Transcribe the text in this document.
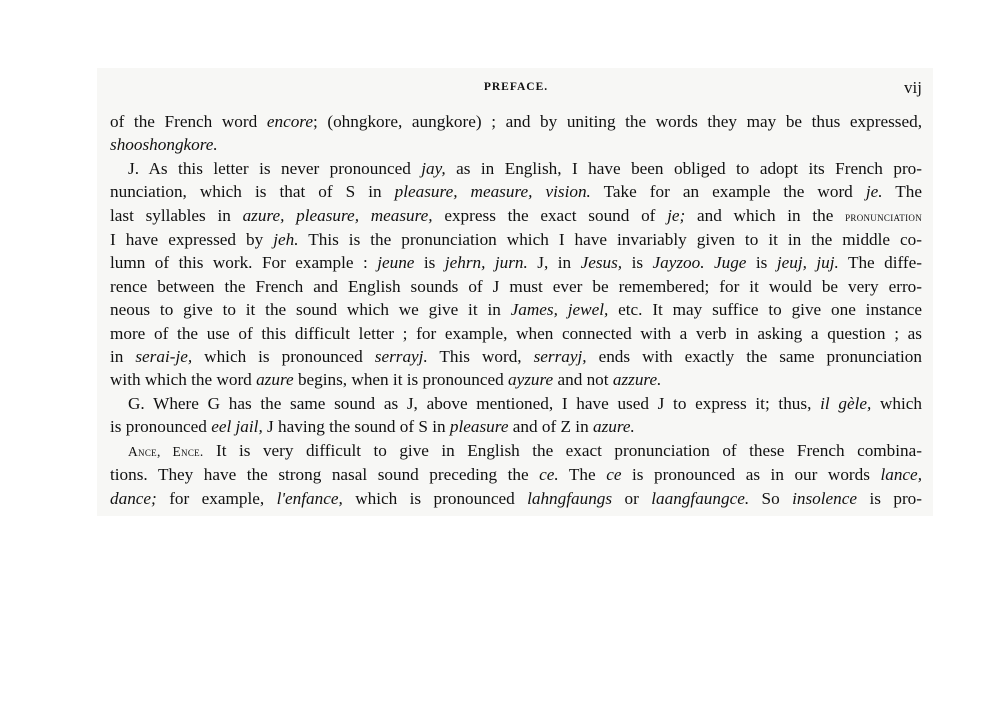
PREFACE.	vij
of the French word encore; (ohngkore, aungkore) ; and by uniting the words they may be thus expressed,
shooshongkore.
J. As this letter is never pronounced jay, as in English, I have been obliged to adopt its French pro-
nunciation, which is that of S in pleasure, measure, vision. Take for an example the word je. The
last syllables in azure, pleasure, measure, express the exact sound of je; and which in the pronunciation
I have expressed by jeh. This is the pronunciation which I have invariably given to it in the middle co-
lumn of this work. For example : jeune is jehrn, jurn. J, in Jesus, is Jayzoo. Juge is jeuj, juj. The diffe-
rence between the French and English sounds of J must ever be remembered; for it would be very erro-
neous to give to it the sound which we give it in James, jewel, etc. It may suffice to give one instance
more of the use of this difficult letter ; for example, when connected with a verb in asking a question ; as
in serai-je, which is pronounced serrayj. This word, serrayj, ends with exactly the same pronunciation
with which the word azure begins, when it is pronounced ayzure and not azzure.
G. Where G has the same sound as J, above mentioned, I have used J to express it; thus, il gèle, which
is pronounced eel jail, J having the sound of S in pleasure and of Z in azure.
Ance, Ence. It is very difficult to give in English the exact pronunciation of these French combina-
tions. They have the strong nasal sound preceding the ce. The ce is pronounced as in our words lance,
dance; for example, l'enfance, which is pronounced lahngfaungs or laangfaungce. So insolence is pro-
